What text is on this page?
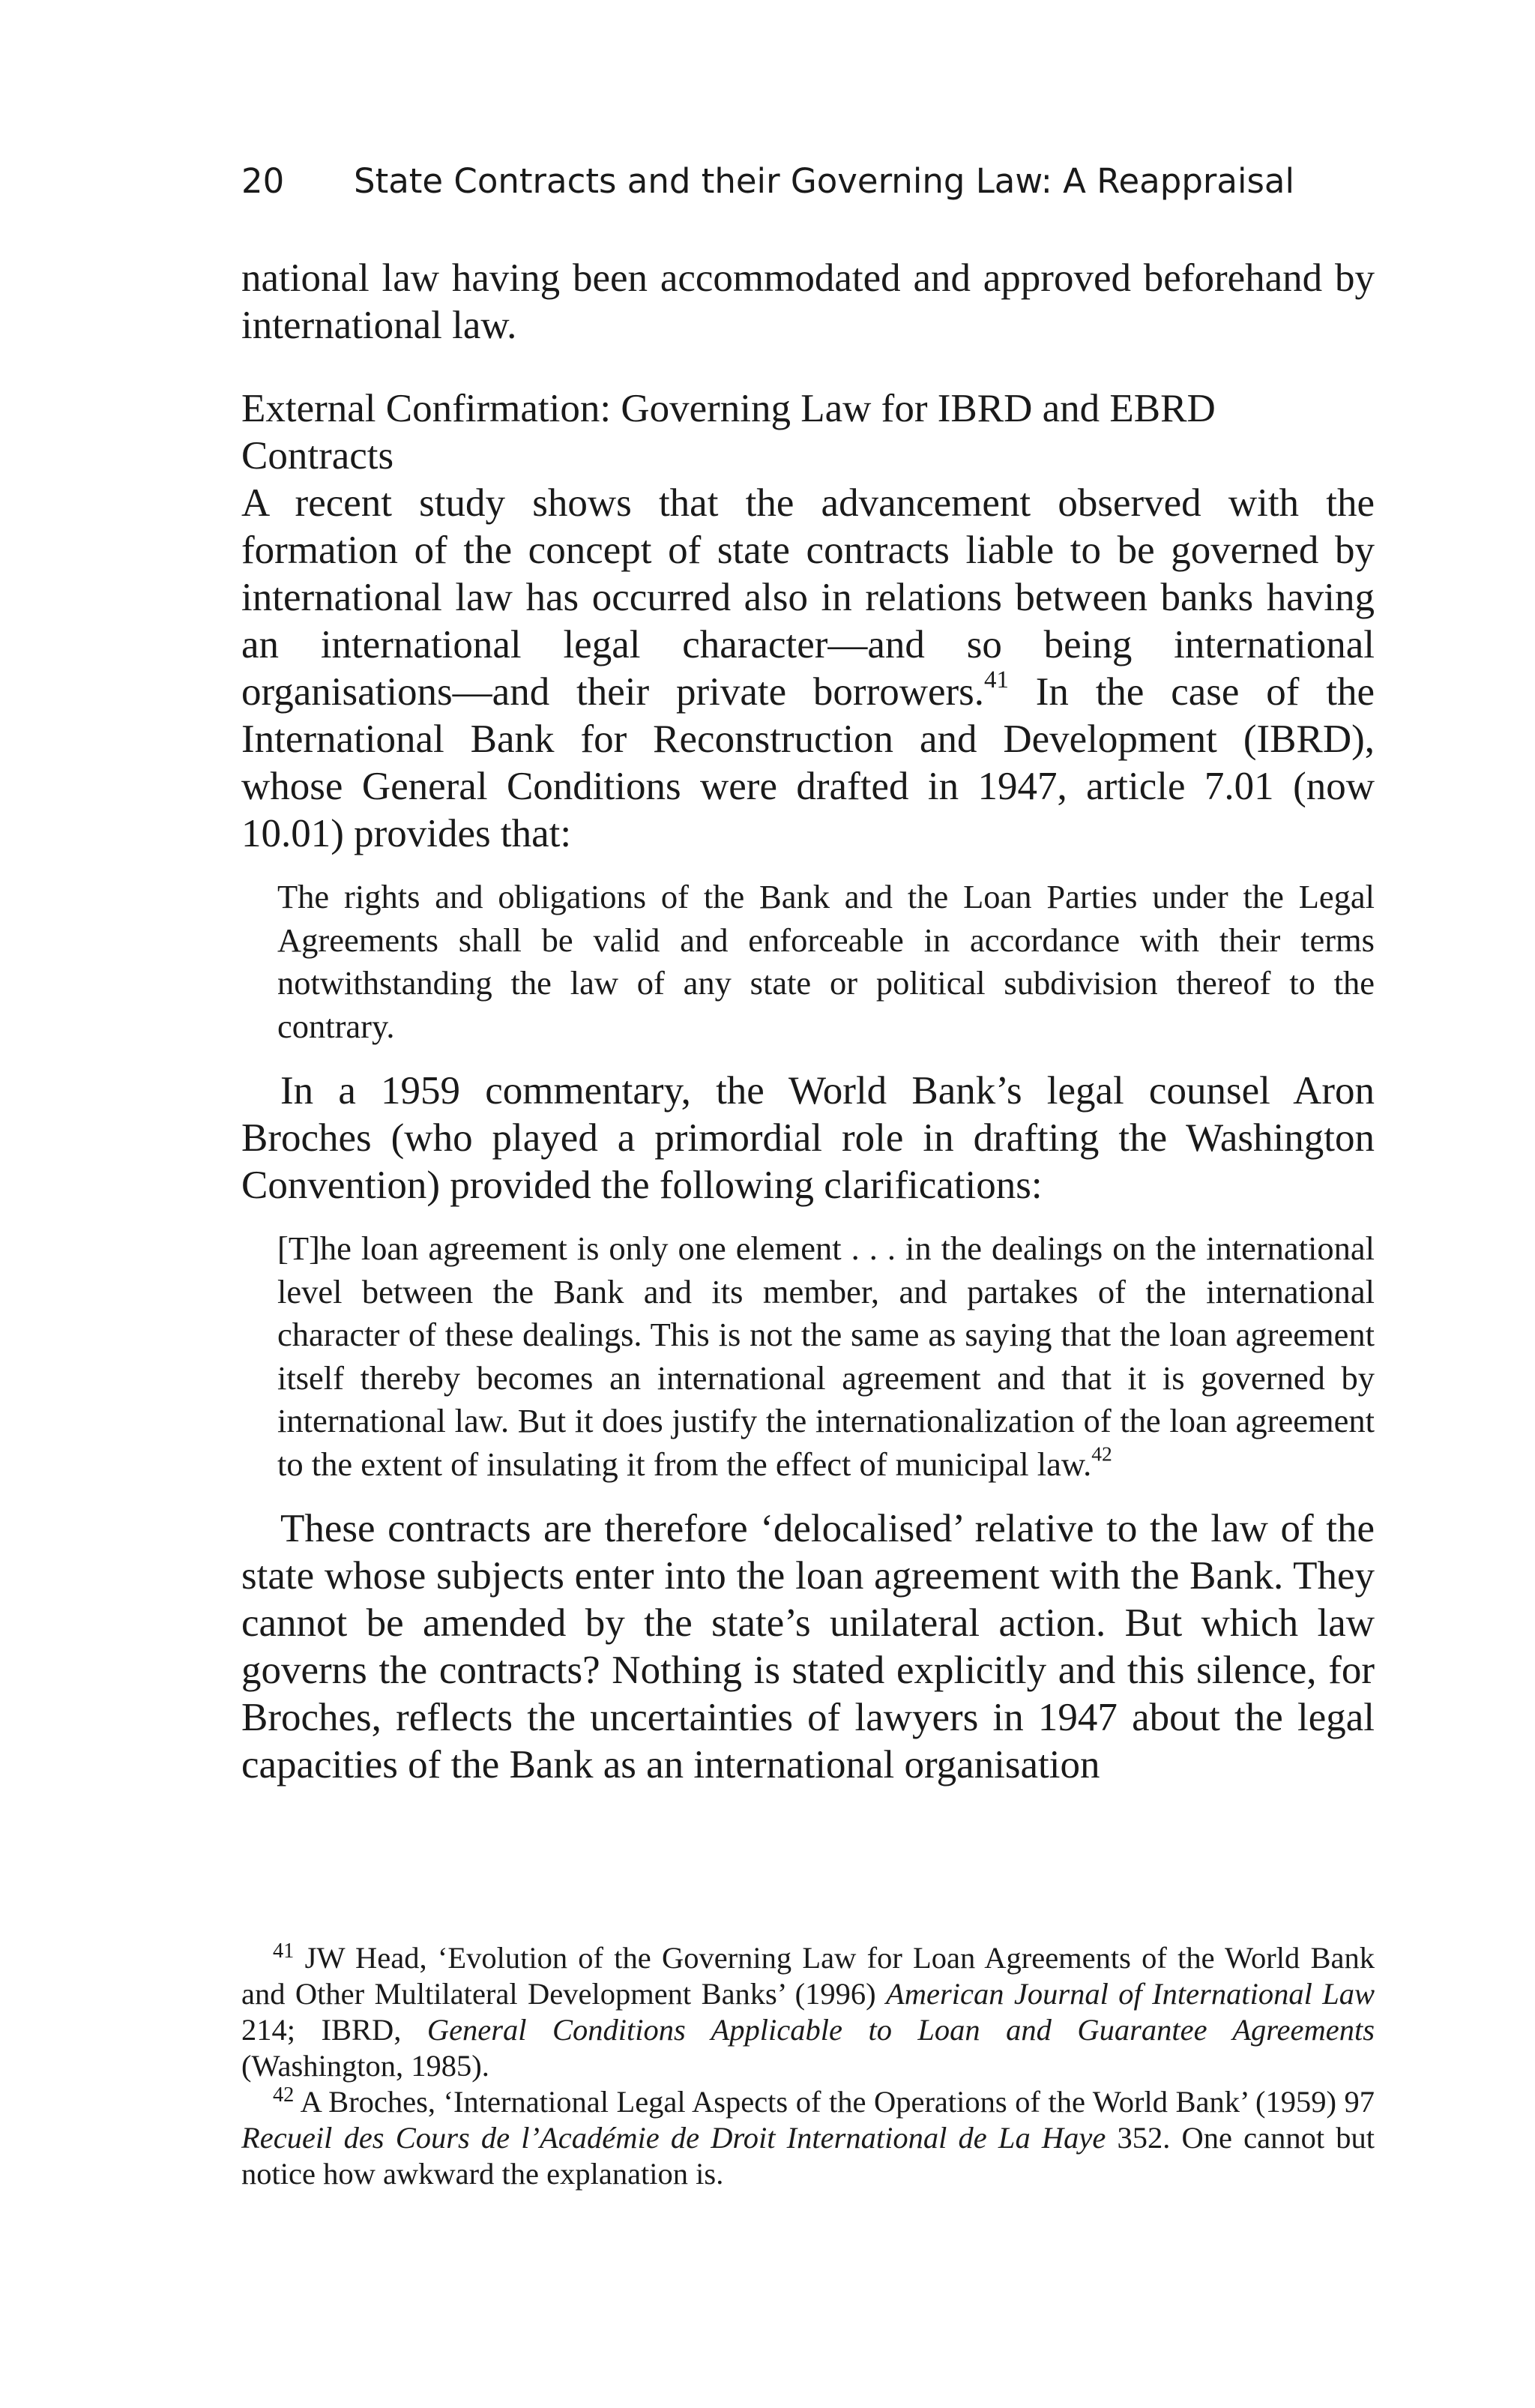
20 State Contracts and their Governing Law: A Reappraisal

national law having been accommodated and approved beforehand by international law.

External Confirmation: Governing Law for IBRD and EBRD Contracts

A recent study shows that the advancement observed with the formation of the concept of state contracts liable to be governed by international law has occurred also in relations between banks having an international legal character—and so being international organisations—and their private borrowers.$^{41}$ In the case of the International Bank for Reconstruction and Development (IBRD), whose General Conditions were drafted in 1947, article 7.01 (now 10.01) provides that:

The rights and obligations of the Bank and the Loan Parties under the Legal Agreements shall be valid and enforceable in accordance with their terms notwithstanding the law of any state or political subdivision thereof to the contrary.

In a 1959 commentary, the World Bank’s legal counsel Aron Broches (who played a primordial role in drafting the Washington Convention) provided the following clarifications:

[T]he loan agreement is only one element . . . in the dealings on the international level between the Bank and its member, and partakes of the international character of these dealings. This is not the same as saying that the loan agreement itself thereby becomes an international agreement and that it is governed by international law. But it does justify the internationalization of the loan agreement to the extent of insulating it from the effect of municipal law.$^{42}$

These contracts are therefore ‘delocalised’ relative to the law of the state whose subjects enter into the loan agreement with the Bank. They cannot be amended by the state’s unilateral action. But which law governs the contracts? Nothing is stated explicitly and this silence, for Broches, reflects the uncertainties of lawyers in 1947 about the legal capacities of the Bank as an international organisation

$^{41}$ JW Head, ‘Evolution of the Governing Law for Loan Agreements of the World Bank and Other Multilateral Development Banks’ (1996) American Journal of International Law 214; IBRD, General Conditions Applicable to Loan and Guarantee Agreements (Washington, 1985).

$^{42}$ A Broches, ‘International Legal Aspects of the Operations of the World Bank’ (1959) 97 Recueil des Cours de l’Académie de Droit International de La Haye 352. One cannot but notice how awkward the explanation is.
